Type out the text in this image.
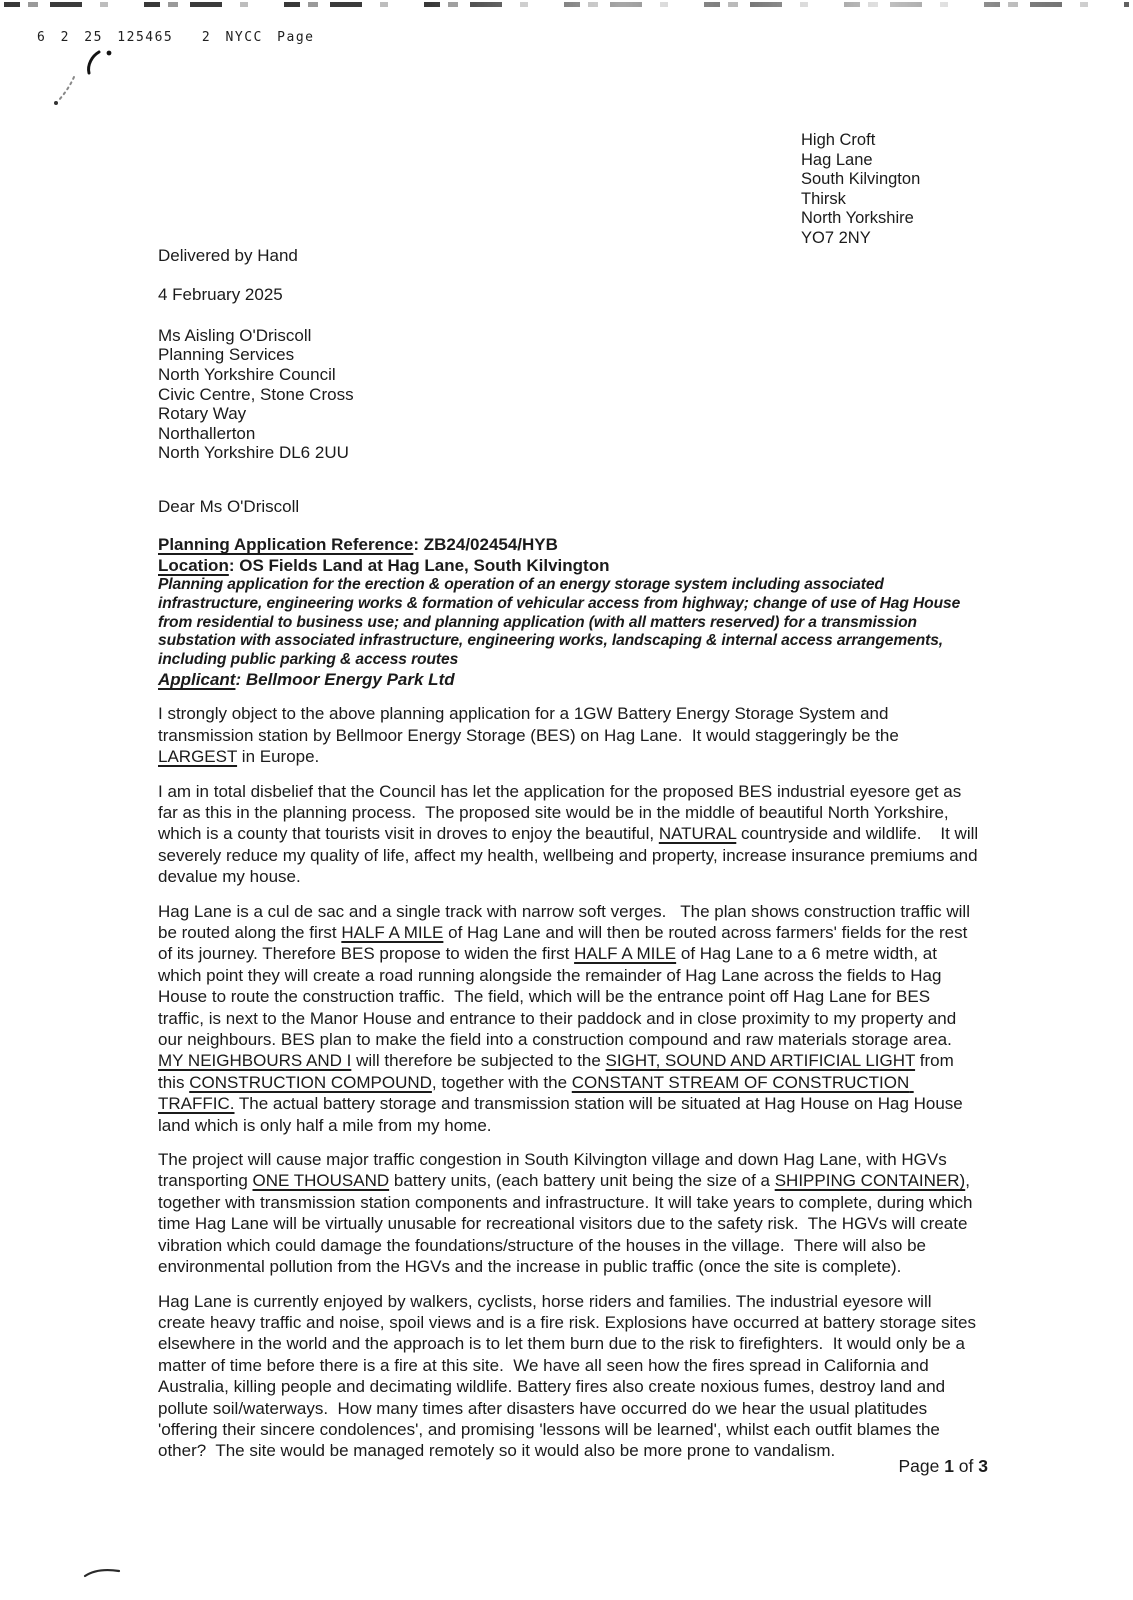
6 2 25 125465  2 NYCC Page
High Croft
Hag Lane
South Kilvington
Thirsk
North Yorkshire
YO7 2NY
Delivered by Hand
4 February 2025
Ms Aisling O'Driscoll
Planning Services
North Yorkshire Council
Civic Centre, Stone Cross
Rotary Way
Northallerton
North Yorkshire DL6 2UU
Dear Ms O'Driscoll
Planning Application Reference: ZB24/02454/HYB
Location: OS Fields Land at Hag Lane, South Kilvington

Planning application for the erection & operation of an energy storage system including associated infrastructure, engineering works & formation of vehicular access from highway; change of use of Hag House from residential to business use; and planning application (with all matters reserved) for a transmission substation with associated infrastructure, engineering works, landscaping & internal access arrangements, including public parking & access routes

Applicant: Bellmoor Energy Park Ltd

I strongly object to the above planning application for a 1GW Battery Energy Storage System and transmission station by Bellmoor Energy Storage (BES) on Hag Lane.  It would staggeringly be the LARGEST in Europe.

I am in total disbelief that the Council has let the application for the proposed BES industrial eyesore get as far as this in the planning process.  The proposed site would be in the middle of beautiful North Yorkshire, which is a county that tourists visit in droves to enjoy the beautiful, NATURAL countryside and wildlife.    It will severely reduce my quality of life, affect my health, wellbeing and property, increase insurance premiums and devalue my house.

Hag Lane is a cul de sac and a single track with narrow soft verges.   The plan shows construction traffic will be routed along the first HALF A MILE of Hag Lane and will then be routed across farmers' fields for the rest of its journey. Therefore BES propose to widen the first HALF A MILE of Hag Lane to a 6 metre width, at which point they will create a road running alongside the remainder of Hag Lane across the fields to Hag House to route the construction traffic.  The field, which will be the entrance point off Hag Lane for BES traffic, is next to the Manor House and entrance to their paddock and in close proximity to my property and our neighbours. BES plan to make the field into a construction compound and raw materials storage area. MY NEIGHBOURS AND I will therefore be subjected to the SIGHT, SOUND AND ARTIFICIAL LIGHT from this CONSTRUCTION COMPOUND, together with the CONSTANT STREAM OF CONSTRUCTION TRAFFIC. The actual battery storage and transmission station will be situated at Hag House on Hag House land which is only half a mile from my home.

The project will cause major traffic congestion in South Kilvington village and down Hag Lane, with HGVs transporting ONE THOUSAND battery units, (each battery unit being the size of a SHIPPING CONTAINER), together with transmission station components and infrastructure. It will take years to complete, during which time Hag Lane will be virtually unusable for recreational visitors due to the safety risk.  The HGVs will create vibration which could damage the foundations/structure of the houses in the village.  There will also be environmental pollution from the HGVs and the increase in public traffic (once the site is complete).

Hag Lane is currently enjoyed by walkers, cyclists, horse riders and families. The industrial eyesore will create heavy traffic and noise, spoil views and is a fire risk. Explosions have occurred at battery storage sites elsewhere in the world and the approach is to let them burn due to the risk to firefighters.  It would only be a matter of time before there is a fire at this site.  We have all seen how the fires spread in California and Australia, killing people and decimating wildlife. Battery fires also create noxious fumes, destroy land and pollute soil/waterways.  How many times after disasters have occurred do we hear the usual platitudes 'offering their sincere condolences', and promising 'lessons will be learned', whilst each outfit blames the other?  The site would be managed remotely so it would also be more prone to vandalism.

Page 1 of 3
